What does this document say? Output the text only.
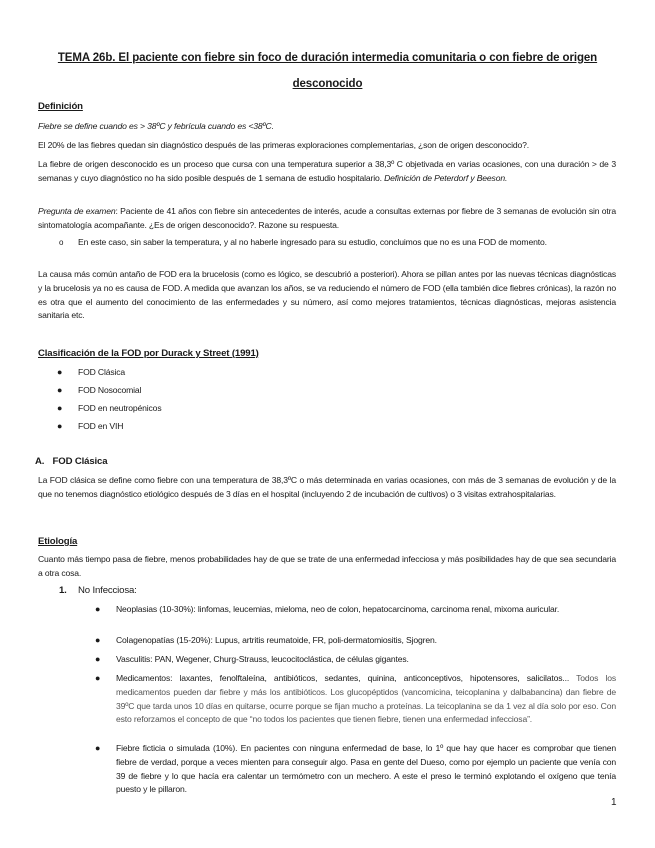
TEMA 26b. El paciente con fiebre sin foco de duración intermedia comunitaria o con fiebre de origen desconocido
Definición
Fiebre se define cuando es > 38ºC y febrícula cuando es <38ºC.
El 20% de las fiebres quedan sin diagnóstico después de las primeras exploraciones complementarias, ¿son de origen desconocido?.
La fiebre de origen desconocido es un proceso que cursa con una temperatura superior a 38,3º C objetivada en varias ocasiones, con una duración > de 3 semanas y cuyo diagnóstico no ha sido posible después de 1 semana de estudio hospitalario. Definición de Peterdorf y Beeson.
Pregunta de examen: Paciente de 41 años con fiebre sin antecedentes de interés, acude a consultas externas por fiebre de 3 semanas de evolución sin otra sintomatología acompañante. ¿Es de origen desconocido?. Razone su respuesta.
o En este caso, sin saber la temperatura, y al no haberle ingresado para su estudio, concluimos que no es una FOD de momento.
La causa más común antaño de FOD era la brucelosis (como es lógico, se descubrió a posteriori). Ahora se pillan antes por las nuevas técnicas diagnósticas y la brucelosis ya no es causa de FOD. A medida que avanzan los años, se va reduciendo el número de FOD (ella también dice fiebres crónicas), la razón no es otra que el aumento del conocimiento de las enfermedades y su número, así como mejores tratamientos, técnicas diagnósticas, mejoras asistencia sanitaria etc.
Clasificación de la FOD por Durack y Street (1991)
● FOD Clásica
● FOD Nosocomial
● FOD en neutropénicos
● FOD en VIH
A. FOD Clásica
La FOD clásica se define como fiebre con una temperatura de 38,3ºC o más determinada en varias ocasiones, con más de 3 semanas de evolución y de la que no tenemos diagnóstico etiológico después de 3 días en el hospital (incluyendo 2 de incubación de cultivos) o 3 visitas extrahospitalarias.
Etiología
Cuanto más tiempo pasa de fiebre, menos probabilidades hay de que se trate de una enfermedad infecciosa y más posibilidades hay de que sea secundaria a otra cosa.
1. No Infecciosa:
● Neoplasias (10-30%): linfomas, leucemias, mieloma, neo de colon, hepatocarcinoma, carcinoma renal, mixoma auricular.
● Colagenopatías (15-20%): Lupus, artritis reumatoide, FR, poli-dermatomiositis, Sjogren.
● Vasculitis: PAN, Wegener, Churg-Strauss, leucocitoclástica, de células gigantes.
● Medicamentos: laxantes, fenolftaleína, antibióticos, sedantes, quinina, anticonceptivos, hipotensores, salicilatos... Todos los medicamentos pueden dar fiebre y más los antibióticos. Los glucopéptidos (vancomicina, teicoplanina y dalbabancina) dan fiebre de 39ºC que tarda unos 10 días en quitarse, ocurre porque se fijan mucho a proteínas. La teicoplanina se da 1 vez al día solo por eso. Con esto reforzamos el concepto de que “no todos los pacientes que tienen fiebre, tienen una enfermedad infecciosa”.
● Fiebre ficticia o simulada (10%). En pacientes con ninguna enfermedad de base, lo 1º que hay que hacer es comprobar que tienen fiebre de verdad, porque a veces mienten para conseguir algo. Pasa en gente del Dueso, como por ejemplo un paciente que venía con 39 de fiebre y lo que hacía era calentar un termómetro con un mechero. A este el preso le terminó explotando el oxígeno que tenía puesto y le pillaron.
1
